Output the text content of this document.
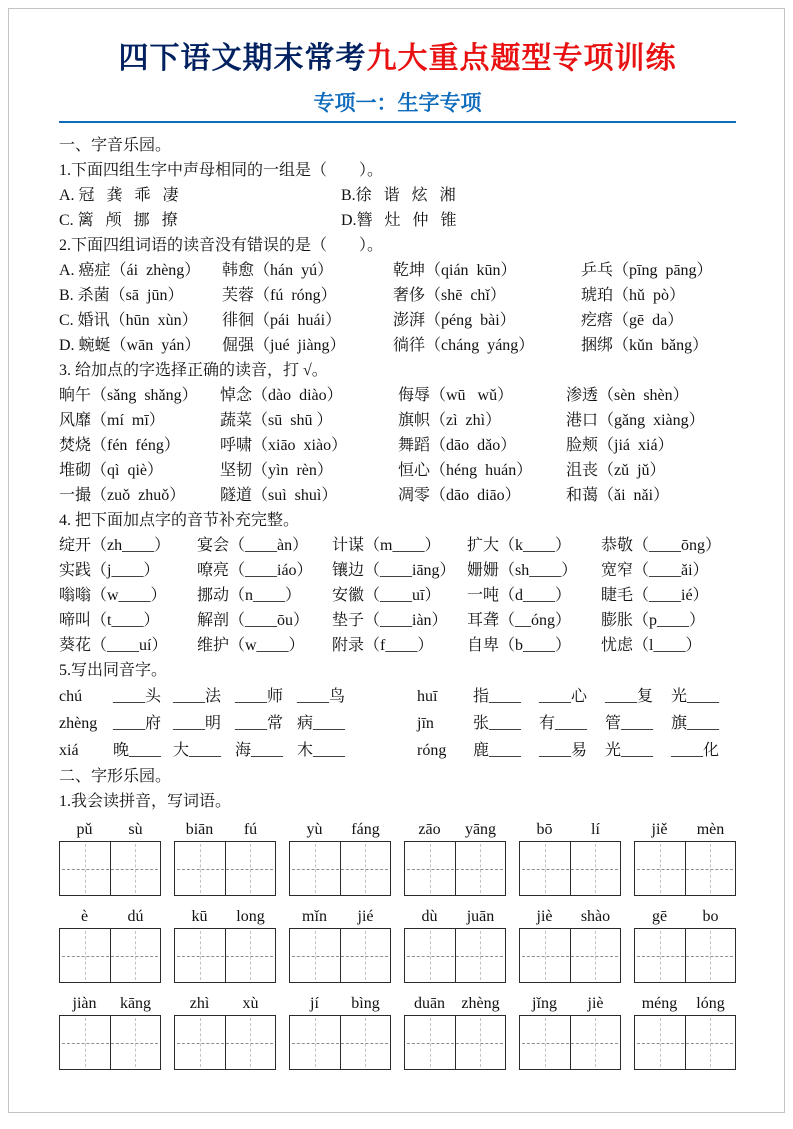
四下语文期末常考九大重点题型专项训练
专项一：生字专项
一、字音乐园。
1.下面四组生字中声母相同的一组是（        ）。
A. 冠   龚   乖   凄	B.徐   谐   炫   湘
C. 篱   颅   挪   撩	D.簪   灶   仲   锥
2.下面四组词语的读音没有错误的是（        ）。
A. 癌症（ái  zhèng）	韩愈（hán  yú）	乾坤（qián  kūn）	乒乓（pīng  pāng）
B. 杀菌（sā  jūn）	芙蓉（fú  róng）	奢侈（shē  chǐ）	琥珀（hǔ  pò）
C. 婚讯（hūn  xùn）	徘徊（pái  huái）	澎湃（péng  bài）	疙瘩（gē  da）
D. 蜿蜒（wān  yán）	倔强（jué  jiàng）	徜徉（cháng  yáng）	捆绑（kǔn  bǎng）
3. 给加点的字选择正确的读音，打 √。
晌午（sǎng  shǎng）	悼念（dào  diào）	侮辱（wū   wǔ）	渗透（sèn  shèn）
风靡（mí  mī）	蔬菜（sū  shū ）	旗帜（zì  zhì）	港口（gǎng  xiàng）
焚烧（fén  féng）	呼啸（xiāo  xiào）	舞蹈（dāo  dǎo）	脸颊（jiá  xiá）
堆砌（qì  qiè）	坚韧（yìn  rèn）	恒心（héng  huán）	沮丧（zǔ  jǔ）
一撮（zuǒ  zhuǒ）	隧道（suì  shuì）	凋零（dāo  diāo）	和蔼（ǎi  nǎi）
4. 把下面加点字的音节补充完整。
绽开（zh____）	宴会（____àn）	计谋（m____）	扩大（k____）	恭敬（____ōng）
实践（j____）	嘹亮（____iáo）	镶边（____iāng） 姗姗（sh____）	宽窄（____ǎi）
嗡嗡（w____）	挪动（n____）	安徽（____uī）	一吨（d____）	睫毛（____ié）
啼叫（t____）	解剖（____ōu）	垫子（____iàn）	耳聋（__óng）	膨胀（p____）
葵花（____uí）	维护（w____）	附录（f____）	自卑（b____）	忧虑（l____）
5.写出同音字。
chú	____头 ____法 ____师 ____鸟	huī	指____	____心	____复	光____
zhèng ____府 ____明 ____常 病____	jīn	张____	有____	管____	旗____
xiá	晚____ 大____ 海____ 木____	róng	鹿____	____易	光____	____化
二、字形乐园。
1.我会读拼音，写词语。
pǔ	sù	biān	fú	yù	fáng	zāo	yāng	bō	lí	jiě	mèn
è	dú	kū	long	mǐn	jié	dù	juān	jiè	shào	gē	bo
jiàn	kāng	zhì	xù	jí	bìng	duān	zhèng	jǐng	jiè	méng	lóng
